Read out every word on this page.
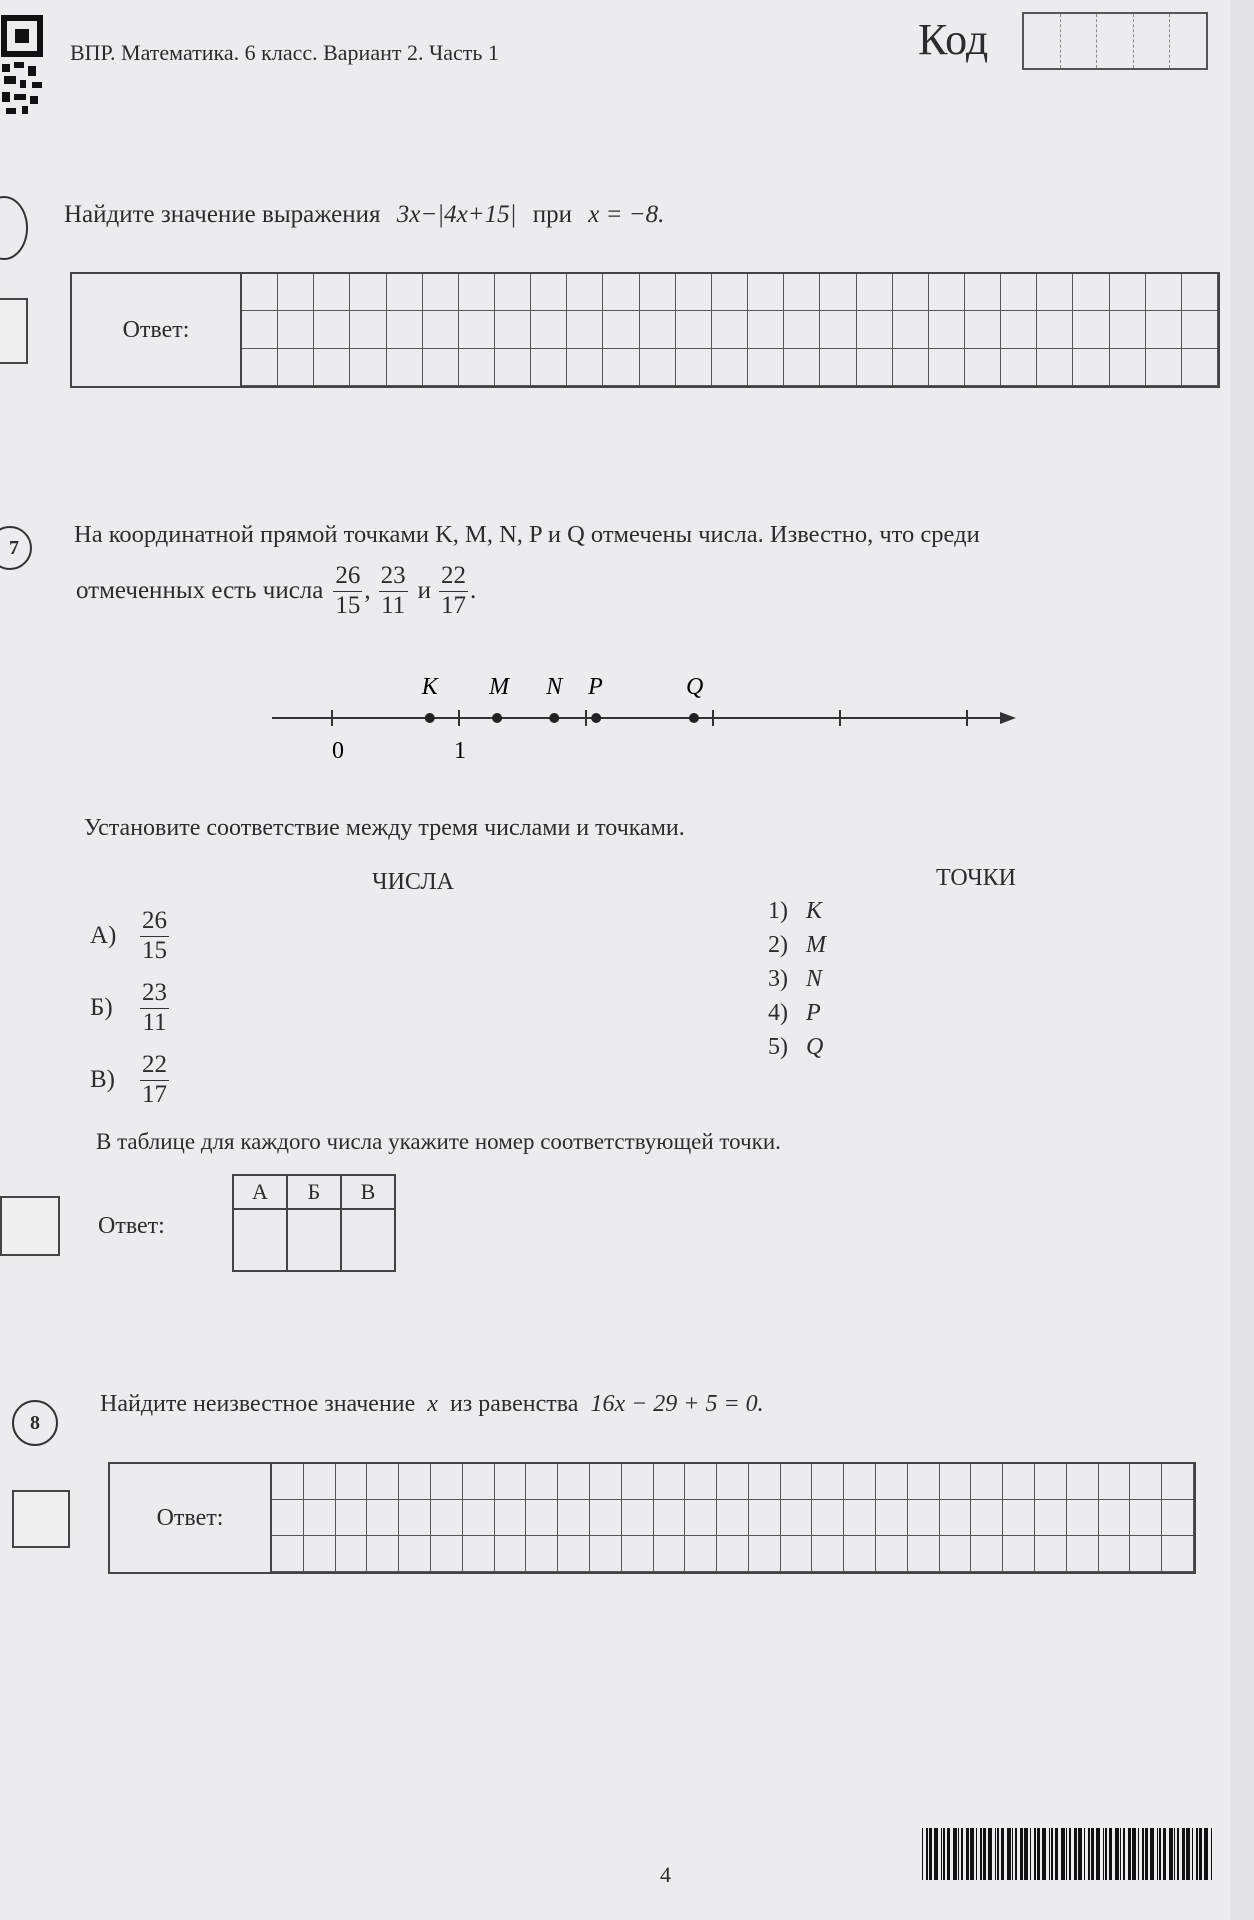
ВПР. Математика. 6 класс. Вариант 2. Часть 1	Код
Найдите значение выражения 3x−|4x+15| при x = −8.
Ответ:
7 На координатной прямой точками K, M, N, P и Q отмечены числа. Известно, что среди
отмеченных есть числа $\frac{26}{15}$ , $\frac{23}{11}$ и $\frac{22}{17}$ .
K M N P	Q
0	1
Установите соответствие между тремя числами и точками.
ЧИСЛА	ТОЧКИ
$А) \frac{26}{15}$
Б)	$\frac{23}{11}$
В)	$\frac{22}{17}$
1) K
2) M
3) N
4) P
5) Q
В таблице для каждого числа укажите номер соответствующей точки.
Ответ:
А	Б	В

8
Найдите неизвестное значение x из равенства 16x − 29 + 5 = 0.
Ответ:
4
